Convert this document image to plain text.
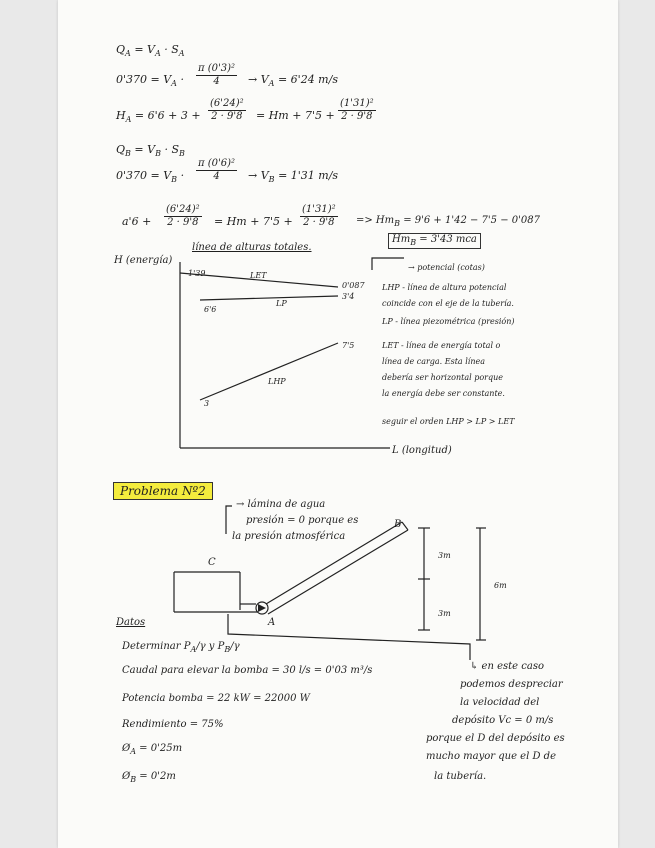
$Q_A = V_A \cdot S_A$
$0'370 = V_A \cdot \frac{\text{π (0'3)²}}{4} \to V_A = 6'24$ m/s
$H_A = 6'6 + 3 + \frac{\text{(6'24)²}}{2 \cdot 9'8} = Hm + 7'5 + \frac{\text{(1'31)²}}{2 \cdot 9'8}$
$Q_B = V_B \cdot S_B$
$0'370 = V_B \cdot \frac{\text{π (0'6)²}}{4} \to V_B = 1'31$ m/s
$a'6 + \frac{\text{(6'24)²}}{2 \cdot 9'8} = Hm + 7'5 + \frac{\text{(1'31)²}}{2 \cdot 9'8} => Hm_B = 9'6 + 1'42 - 7'5 - 0'087$
$Hm_B = 3'43$ mca
línea de alturas totales.
H (energía)
1'39	LET
0'087
3'4
6'6
LP
7'5
LHP
3
L (longitud)
→ potencial (cotas)
LHP - línea de altura potencial
coincide con el eje de la tubería.
LP - línea piezométrica (presión)
LET - línea de energía total o
línea de carga. Esta línea
debería ser horizontal porque
la energía debe ser constante.
seguir el orden LHP > LP > LET
Problema Nº2
→ lámina de agua
presión = 0 porque es
la presión atmosférica
C
A
B
3m
3m
6m
Datos
Determinar $P_A/\gamma$ y $P_B/\gamma$
Caudal para elevar la bomba = 30 l/s = 0'03 m³/s
Potencia bomba = 22 kW = 22000 W
Rendimiento = 75%
$Ø_A = 0'25m$
$Ø_B = 0'2m$
↳ en este caso
podemos despreciar
la velocidad del
depósito Vc = 0 m/s
porque el D del depósito es
mucho mayor que el D de
la tubería.
